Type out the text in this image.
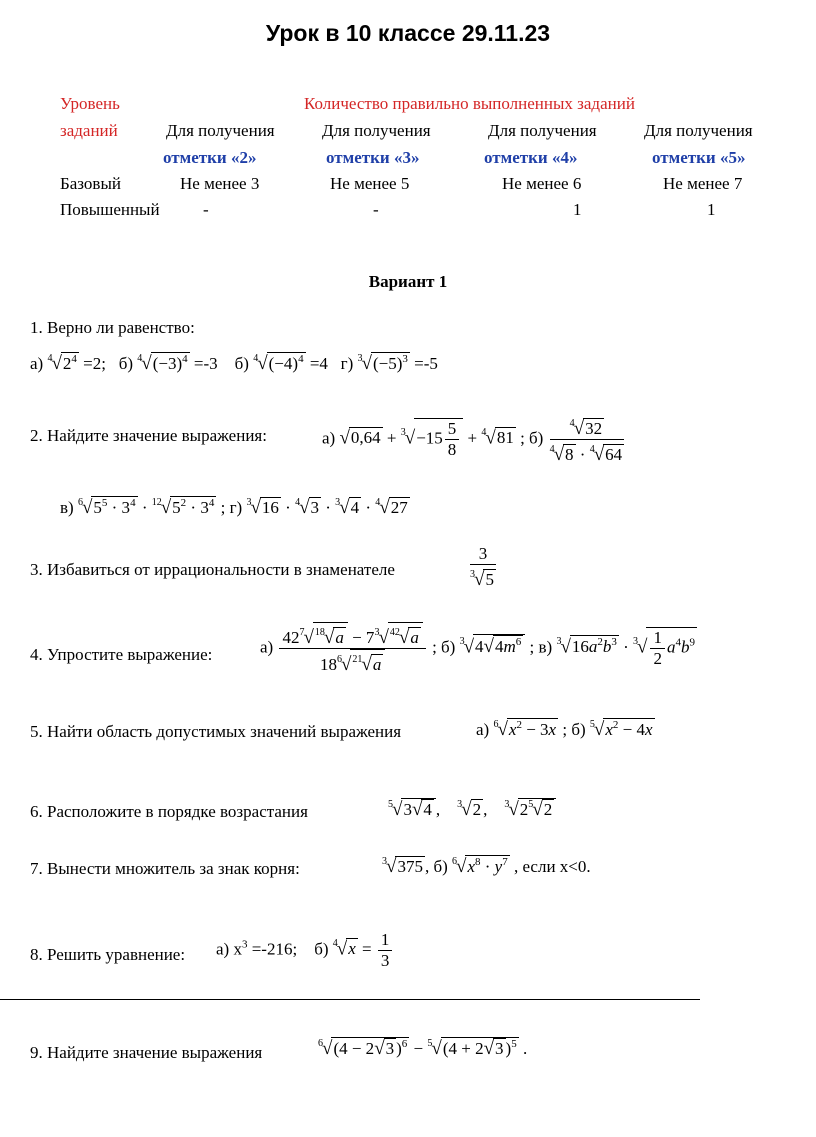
Урок в 10 классе 29.11.23
Уровень
заданий
Количество правильно выполненных заданий
Для получения	Для получения	Для получения	Для получения
отметки «2»	отметки «3»	отметки «4»	отметки «5»
Базовый	Не менее 3	Не менее 5	Не менее 6	Не менее 7
Повышенный	-	-	1	1
Вариант 1
1. Верно ли равенство:
а) $^4√2^4 =2$;   б) $^4√(-3)^4 =-3$    б) $^4√(-4)^4 =4$   г) $^3√(-5)^3 =-5$
2. Найдите значение выражения:	а) $√0,64 + ^3√-15 \frac{5}{8} + ^4√81$ ; $б) \frac{^4√32}{^4√8 \cdot ^4√64}$
в) $^6√5^5 \cdot 3^4 \cdot ^{12}√5^2 \cdot 3^4$ ; г) $^3$√16 · $^4$√3 · $^3$√4 · $^4$√27
3. Избавиться от иррациональности в знаменателе	$\frac{3}{^3√5}$
4. Упростите выражение:	$а) \frac{42^7√^{18}√a - 7^3√^{42}√a}{18^6√^{21}√a}$ ; б) $^3√4√4m^6$ ; в) $^3√16a^2b^3 \cdot ^3√ \frac{1}{2} a^4b^9$
5. Найти область допустимых значений выражения	а) $^6√x^2 - 3x$ ; б) $^5√x^2 - 4x$
6. Расположите в порядке возрастания	$^5$√3√4 ,    $^3$√2 ,    $^3√2^5√2$
7. Вынести множитель за знак корня:	$^3$√375 , б) $^6√x^8 \cdot y^7$ , если x<0.
8. Решить уравнение: а) $x^3 =-216$;    б) $^4√x = \frac{1}{3}$
9. Найдите значение выражения	$^6$√(4 − 2√3 )$^6$ − $^5$√(4 + 2√3 )$^5$ .
